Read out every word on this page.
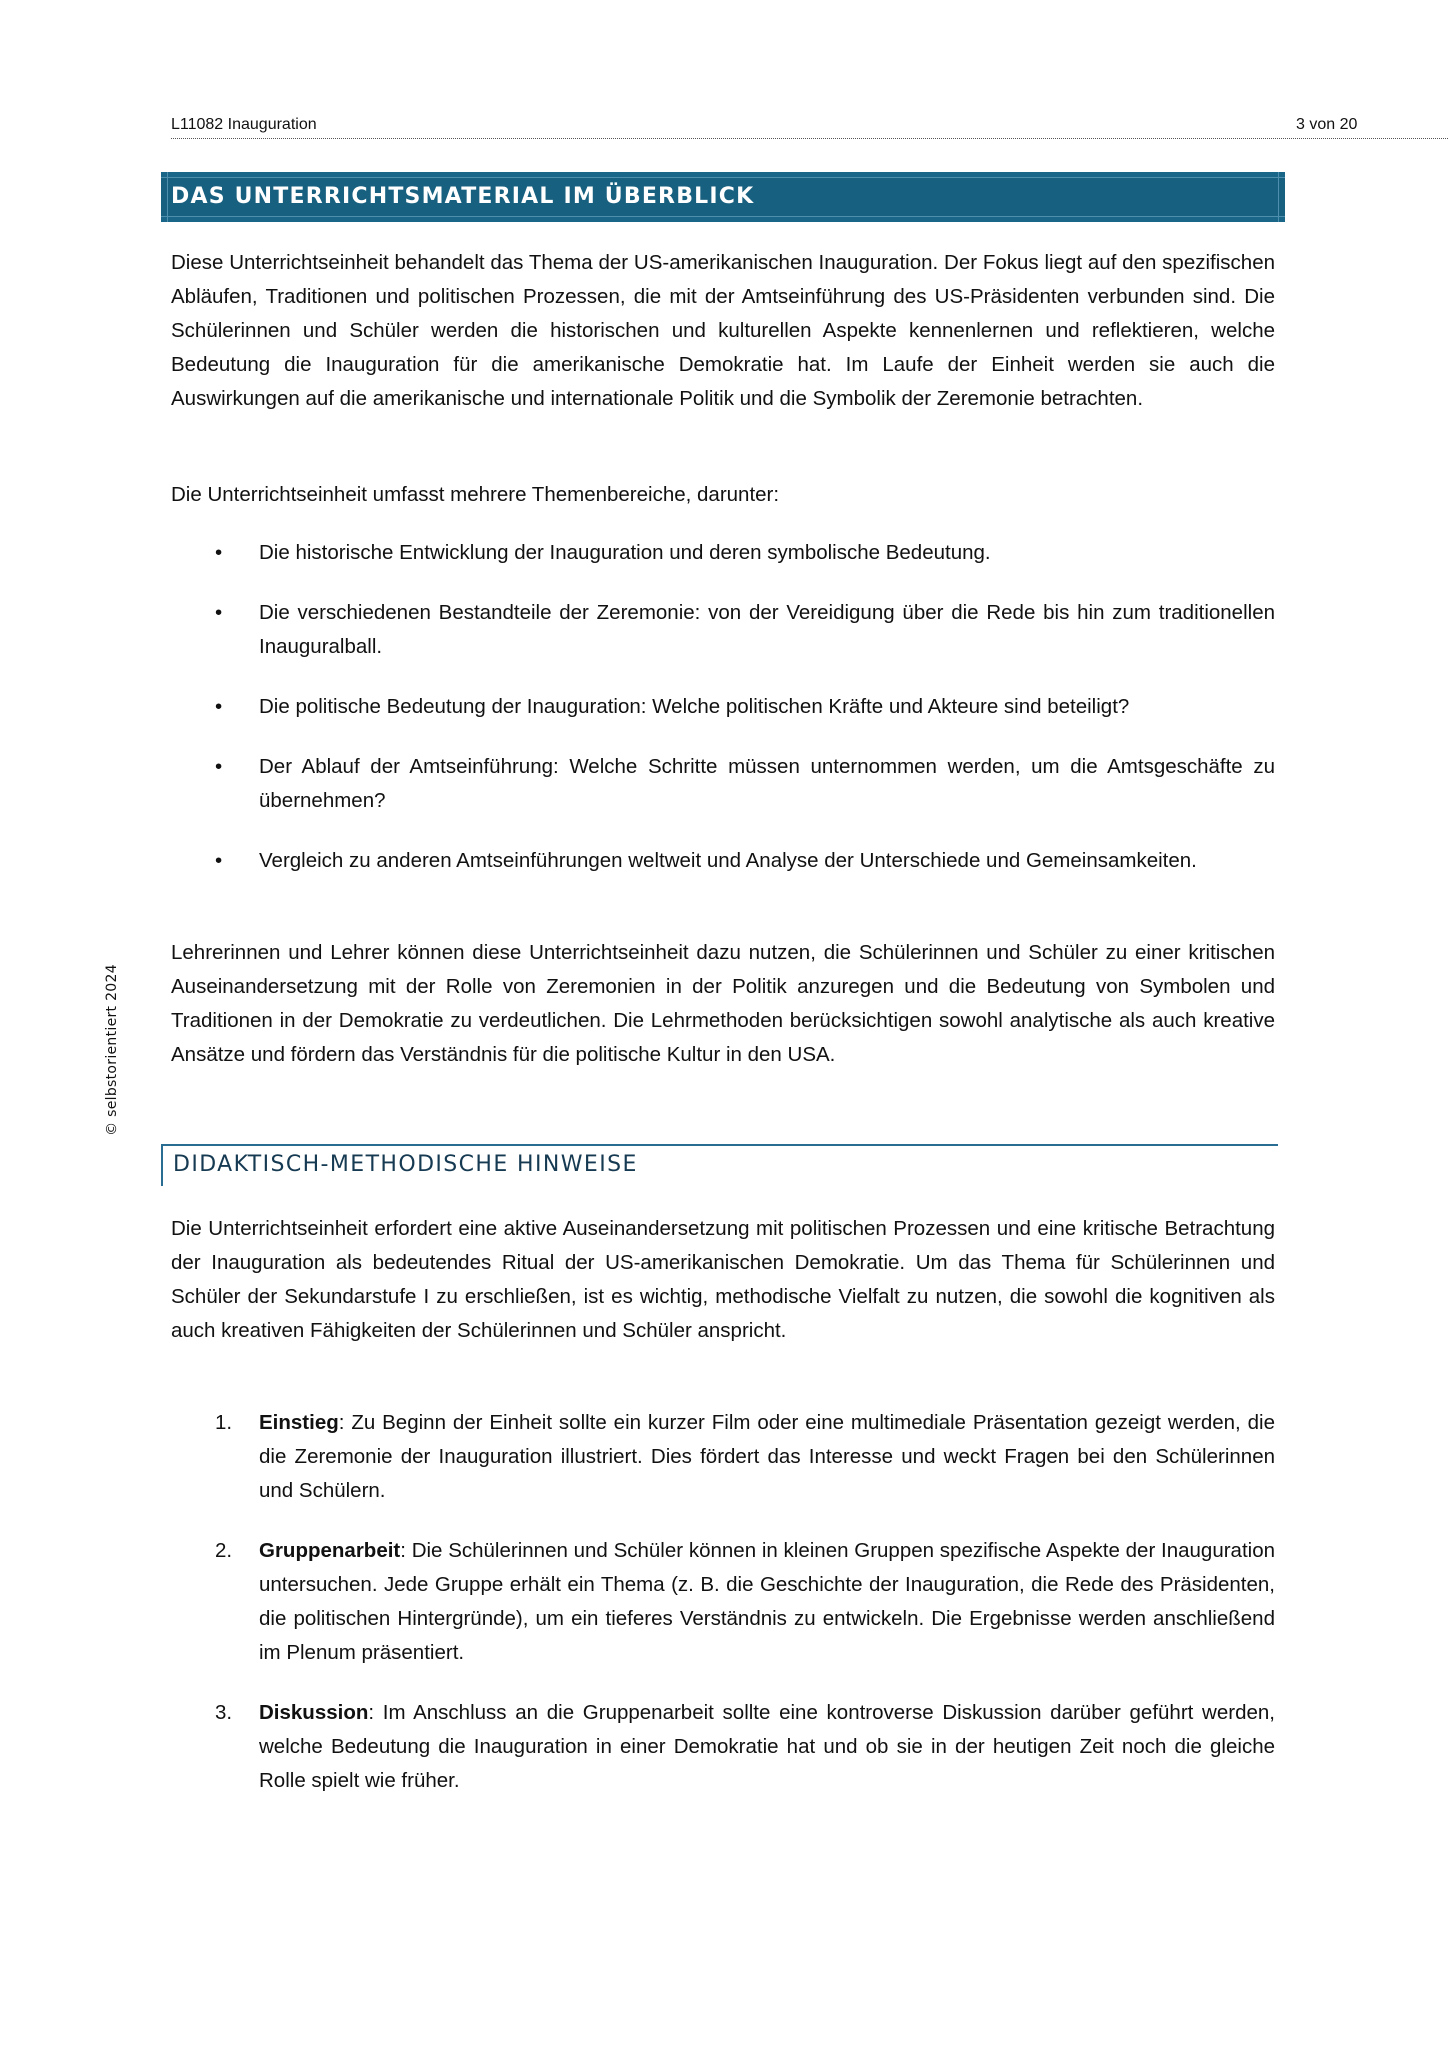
L11082 Inauguration	3 von 20
© selbstorientiert 2024
DAS UNTERRICHTSMATERIAL IM ÜBERBLICK

Diese Unterrichtseinheit behandelt das Thema der US-amerikanischen Inauguration. Der Fokus liegt auf den spezifischen Abläufen, Traditionen und politischen Prozessen, die mit der Amtseinführung des US-Präsidenten verbunden sind. Die Schülerinnen und Schüler werden die historischen und kulturellen Aspekte kennenlernen und reflektieren, welche Bedeutung die Inauguration für die amerikanische Demokratie hat. Im Laufe der Einheit werden sie auch die Auswirkungen auf die amerikanische und internationale Politik und die Symbolik der Zeremonie betrachten.

Die Unterrichtseinheit umfasst mehrere Themenbereiche, darunter:

• Die historische Entwicklung der Inauguration und deren symbolische Bedeutung.
• Die verschiedenen Bestandteile der Zeremonie: von der Vereidigung über die Rede bis hin zum traditionellen Inauguralball.
• Die politische Bedeutung der Inauguration: Welche politischen Kräfte und Akteure sind beteiligt?
• Der Ablauf der Amtseinführung: Welche Schritte müssen unternommen werden, um die Amtsgeschäfte zu übernehmen?
• Vergleich zu anderen Amtseinführungen weltweit und Analyse der Unterschiede und Gemeinsamkeiten.

Lehrerinnen und Lehrer können diese Unterrichtseinheit dazu nutzen, die Schülerinnen und Schüler zu einer kritischen Auseinandersetzung mit der Rolle von Zeremonien in der Politik anzuregen und die Bedeutung von Symbolen und Traditionen in der Demokratie zu verdeutlichen. Die Lehrmethoden berücksichtigen sowohl analytische als auch kreative Ansätze und fördern das Verständnis für die politische Kultur in den USA.

DIDAKTISCH-METHODISCHE HINWEISE

Die Unterrichtseinheit erfordert eine aktive Auseinandersetzung mit politischen Prozessen und eine kritische Betrachtung der Inauguration als bedeutendes Ritual der US-amerikanischen Demokratie. Um das Thema für Schülerinnen und Schüler der Sekundarstufe I zu erschließen, ist es wichtig, methodische Vielfalt zu nutzen, die sowohl die kognitiven als auch kreativen Fähigkeiten der Schülerinnen und Schüler anspricht.

1. Einstieg: Zu Beginn der Einheit sollte ein kurzer Film oder eine multimediale Präsentation gezeigt werden, die die Zeremonie der Inauguration illustriert. Dies fördert das Interesse und weckt Fragen bei den Schülerinnen und Schülern.
2. Gruppenarbeit: Die Schülerinnen und Schüler können in kleinen Gruppen spezifische Aspekte der Inauguration untersuchen. Jede Gruppe erhält ein Thema (z. B. die Geschichte der Inauguration, die Rede des Präsidenten, die politischen Hintergründe), um ein tieferes Verständnis zu entwickeln. Die Ergebnisse werden anschließend im Plenum präsentiert.
3. Diskussion: Im Anschluss an die Gruppenarbeit sollte eine kontroverse Diskussion darüber geführt werden, welche Bedeutung die Inauguration in einer Demokratie hat und ob sie in der heutigen Zeit noch die gleiche Rolle spielt wie früher.
